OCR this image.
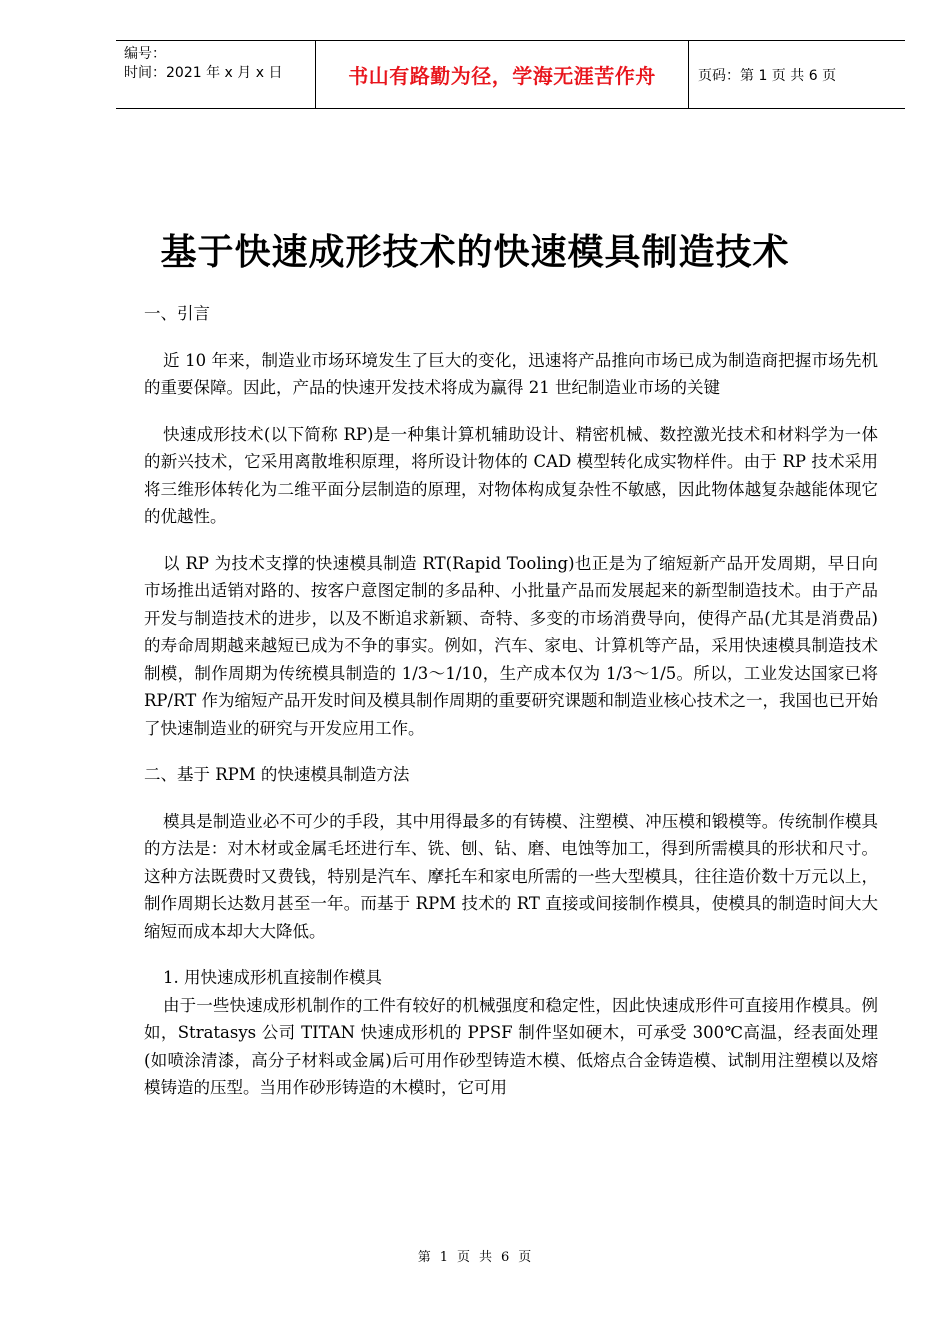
编号：
时间：2021 年 x 月 x 日	书山有路勤为径，学海无涯苦作舟	页码：第 1 页 共 6 页
基于快速成形技术的快速模具制造技术

一、引言

近 10 年来，制造业市场环境发生了巨大的变化，迅速将产品推向市场已成为制造商把握市场先机的重要保障。因此，产品的快速开发技术将成为赢得 21 世纪制造业市场的关键

快速成形技术(以下简称 RP)是一种集计算机辅助设计、精密机械、数控激光技术和材料学为一体的新兴技术，它采用离散堆积原理，将所设计物体的 CAD 模型转化成实物样件。由于 RP 技术采用将三维形体转化为二维平面分层制造的原理，对物体构成复杂性不敏感，因此物体越复杂越能体现它的优越性。

以 RP 为技术支撑的快速模具制造 RT(Rapid Tooling)也正是为了缩短新产品开发周期，早日向市场推出适销对路的、按客户意图定制的多品种、小批量产品而发展起来的新型制造技术。由于产品开发与制造技术的进步，以及不断追求新颖、奇特、多变的市场消费导向，使得产品(尤其是消费品)的寿命周期越来越短已成为不争的事实。例如，汽车、家电、计算机等产品，采用快速模具制造技术制模，制作周期为传统模具制造的 1/3～1/10，生产成本仅为 1/3～1/5。所以，工业发达国家已将 RP/RT 作为缩短产品开发时间及模具制作周期的重要研究课题和制造业核心技术之一，我国也已开始了快速制造业的研究与开发应用工作。

二、基于 RPM 的快速模具制造方法

模具是制造业必不可少的手段，其中用得最多的有铸模、注塑模、冲压模和锻模等。传统制作模具的方法是：对木材或金属毛坯进行车、铣、刨、钻、磨、电蚀等加工，得到所需模具的形状和尺寸。这种方法既费时又费钱，特别是汽车、摩托车和家电所需的一些大型模具，往往造价数十万元以上，制作周期长达数月甚至一年。而基于 RPM 技术的 RT 直接或间接制作模具，使模具的制造时间大大缩短而成本却大大降低。

1. 用快速成形机直接制作模具

由于一些快速成形机制作的工件有较好的机械强度和稳定性，因此快速成形件可直接用作模具。例如，Stratasys 公司 TITAN 快速成形机的 PPSF 制件坚如硬木，可承受 300℃高温，经表面处理(如喷涂清漆，高分子材料或金属)后可用作砂型铸造木模、低熔点合金铸造模、试制用注塑模以及熔模铸造的压型。当用作砂形铸造的木模时，它可用

第 1 页 共 6 页
